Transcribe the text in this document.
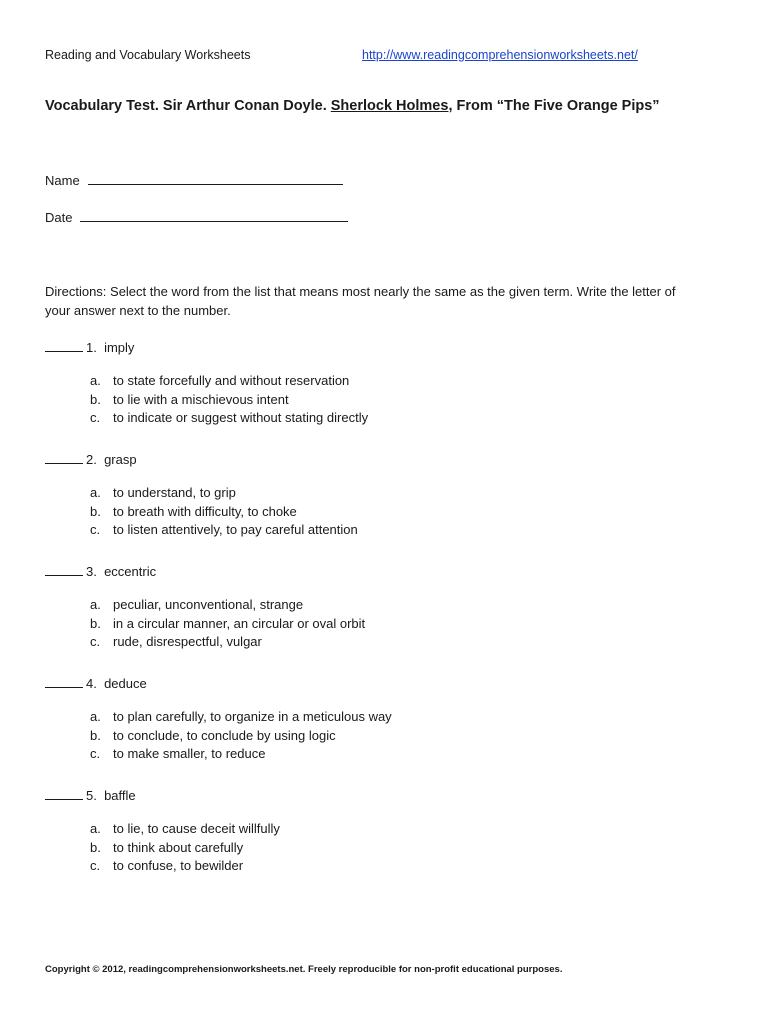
Reading and Vocabulary Worksheets	http://www.readingcomprehensionworksheets.net/
Vocabulary Test. Sir Arthur Conan Doyle. Sherlock Holmes, From “The Five Orange Pips”
Name
Date
Directions: Select the word from the list that means most nearly the same as the given term. Write the letter of your answer next to the number.
1.  imply
a. to state forcefully and without reservation
b. to lie with a mischievous intent
c. to indicate or suggest without stating directly
2.  grasp
a. to understand, to grip
b. to breath with difficulty, to choke
c. to listen attentively, to pay careful attention
3.  eccentric
a. peculiar, unconventional, strange
b. in a circular manner, an circular or oval orbit
c. rude, disrespectful, vulgar
4.  deduce
a. to plan carefully, to organize in a meticulous way
b. to conclude, to conclude by using logic
c. to make smaller, to reduce
5.  baffle
a. to lie, to cause deceit willfully
b. to think about carefully
c. to confuse, to bewilder
Copyright © 2012, readingcomprehensionworksheets.net. Freely reproducible for non-profit educational purposes.
